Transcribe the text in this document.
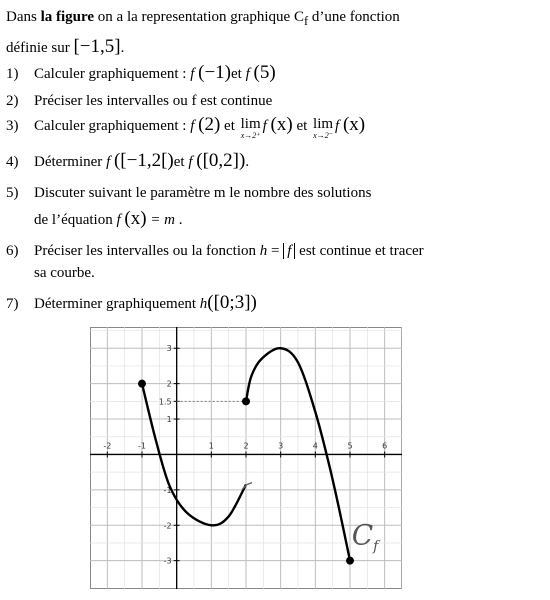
Dans la figure on a la representation graphique $C_f$ d’une fonction
définie sur [−1,5].
1) Calculer graphiquement : f (−1)et f (5)
2) Préciser les intervalles ou f est continue
3) Calculer graphiquement : f (2) et lim
x→2⁺
f (x) et lim
x→2⁻
f (x)
4) Déterminer f ([−1,2[)et f ([0,2]).
5) Discuter suivant le paramètre m le nombre des solutions
de l’équation f (x) = m .
6) Préciser les intervalles ou la fonction h = f est continue et tracer
sa courbe.
7) Déterminer graphiquement h([0;3])
-2	-1	1	2	3	4	5	6
3
2
1.5
1
-1
-2
-3
$C_f$
